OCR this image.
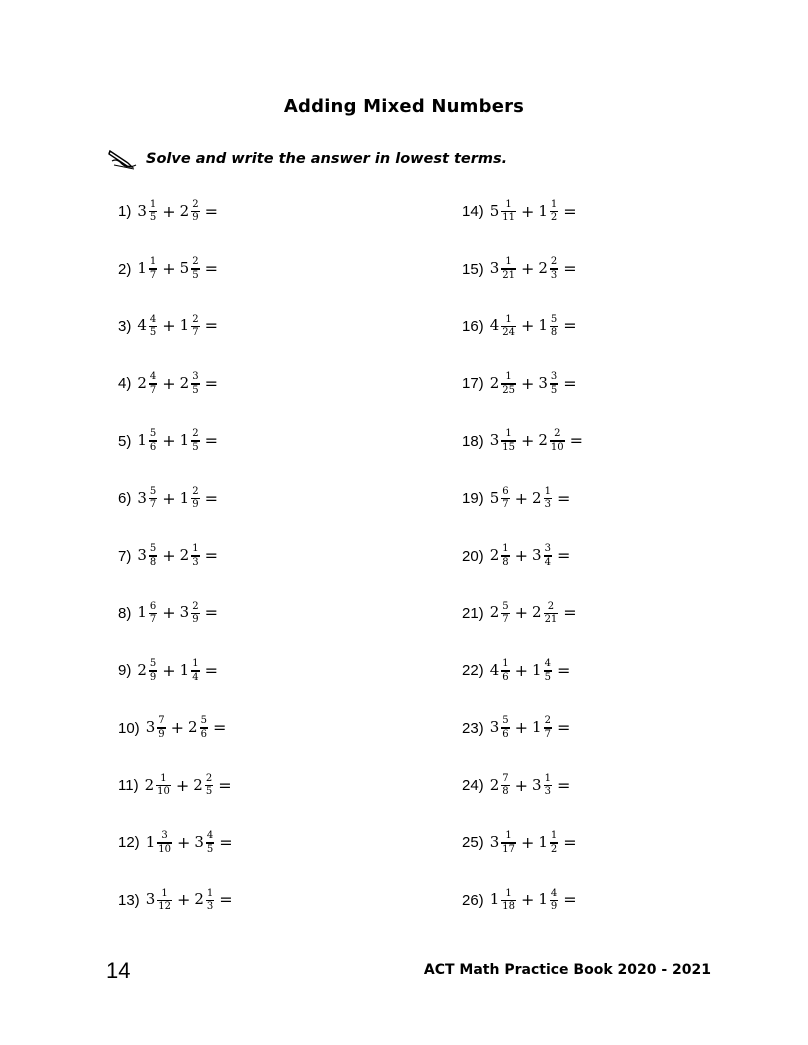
Adding Mixed Numbers
Solve and write the answer in lowest terms.
1) $3 \frac{1}{5} + 2 \frac{2}{9}$ =
2) $1 \frac{1}{7} + 5 \frac{2}{5}$ =
3) $4 \frac{4}{5} + 1 \frac{2}{7}$ =
4) $2 \frac{4}{7} + 2 \frac{3}{5}$ =
5) $1 \frac{5}{6} + 1 \frac{2}{5}$ =
6) $3 \frac{5}{7} + 1 \frac{2}{9}$ =
7) $3 \frac{5}{8} + 2 \frac{1}{3}$ =
8) $1 \frac{6}{7} + 3 \frac{2}{9}$ =
9) $2 \frac{5}{9} + 1 \frac{1}{4}$ =
10) $3 \frac{7}{9} + 2 \frac{5}{6}$ =
11) $2 \frac{1}{10} + 2 \frac{2}{5}$ =
12) $1 \frac{3}{10} + 3 \frac{4}{5}$ =
13) $3 \frac{1}{12} + 2 \frac{1}{3}$ =
14) $5 \frac{1}{11} + 1 \frac{1}{2}$ =
15) $3 \frac{1}{21} + 2 \frac{2}{3}$ =
16) $4 \frac{1}{24} + 1 \frac{5}{8}$ =
17) $2 \frac{1}{25} + 3 \frac{3}{5}$ =
18) $3 \frac{1}{15} + 2 \frac{2}{10}$ =
19) $5 \frac{6}{7} + 2 \frac{1}{3}$ =
20) $2 \frac{1}{8} + 3 \frac{3}{4}$ =
21) $2 \frac{5}{7} + 2 \frac{2}{21}$ =
22) $4 \frac{1}{6} + 1 \frac{4}{5}$ =
23) $3 \frac{5}{6} + 1 \frac{2}{7}$ =
24) $2 \frac{7}{8} + 3 \frac{1}{3}$ =
25) $3 \frac{1}{17} + 1 \frac{1}{2}$ =
26) $1 \frac{1}{18} + 1 \frac{4}{9}$ =
14	ACT Math Practice Book 2020 - 2021
